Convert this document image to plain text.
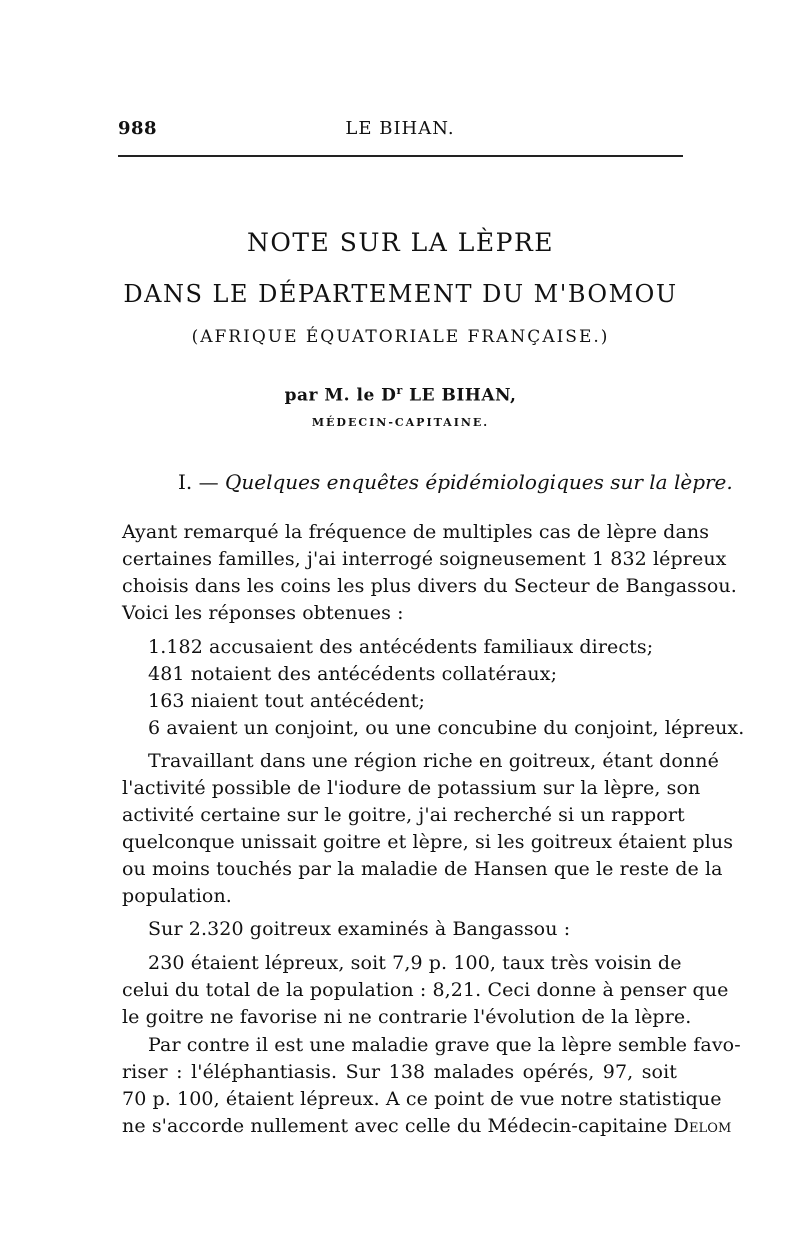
988	LE BIHAN.
NOTE SUR LA LÈPRE
DANS LE DÉPARTEMENT DU M'BOMOU
(AFRIQUE ÉQUATORIALE FRANÇAISE.)
par M. le $D^r$ LE BIHAN,
MÉDECIN-CAPITAINE.
I. — Quelques enquêtes épidémiologiques sur la lèpre.
Ayant remarqué la fréquence de multiples cas de lèpre dans
certaines familles, j'ai interrogé soigneusement 1 832 lépreux
choisis dans les coins les plus divers du Secteur de Bangassou.
Voici les réponses obtenues :
1.182 accusaient des antécédents familiaux directs;
481 notaient des antécédents collatéraux;
163 niaient tout antécédent;
6 avaient un conjoint, ou une concubine du conjoint, lépreux.
Travaillant dans une région riche en goitreux, étant donné
l'activité possible de l'iodure de potassium sur la lèpre, son
activité certaine sur le goitre, j'ai recherché si un rapport
quelconque unissait goitre et lèpre, si les goitreux étaient plus
ou moins touchés par la maladie de Hansen que le reste de la
population.
Sur 2.320 goitreux examinés à Bangassou :
230 étaient lépreux, soit 7,9 p. 100, taux très voisin de
celui du total de la population : 8,21. Ceci donne à penser que
le goitre ne favorise ni ne contrarie l'évolution de la lèpre.
Par contre il est une maladie grave que la lèpre semble favo-
riser : l'éléphantiasis. Sur 138 malades opérés, 97, soit
70 p. 100, étaient lépreux. A ce point de vue notre statistique
ne s'accorde nullement avec celle du Médecin-capitaine Delom
